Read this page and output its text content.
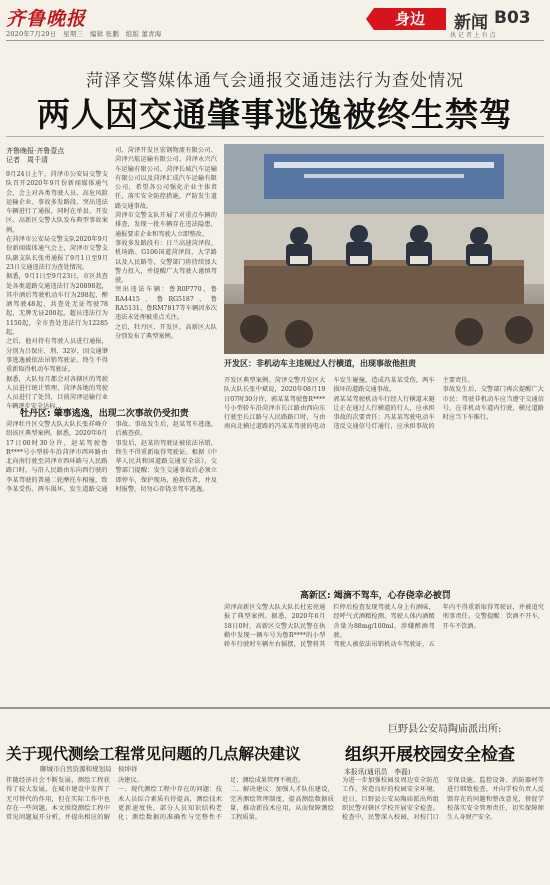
齐鲁晚报
2020年7月29日　星期三　编辑 张鹏　组版 董青海
身边	新闻 B03
执 记 者 上 有 点
菏泽交警媒体通气会通报交通违法行为查处情况
两人因交通肇事逃逸被终生禁驾
齐鲁晚报·齐鲁壹点
记者　周千清
9月24日上午，菏泽市公安局交警支队召开2020年9月份新闻媒体通气会，会上对各类驾驶人员、高危风险运输企业、事故多发路段、突出违法车辆进行了通报，同时在单县、开发区、高新区交警大队发布典型事故案例。
在菏泽市公安局交警支队2020年9月份新闻媒体通气会上，菏泽市交警支队副支队长张勇通报了9月1日至9月23日交通违法行为查处情况。
据悉，9月1日至9月23日，市区共查处各类道路交通违法行为20898起，其中酒后驾驶机动车行为298起，醉酒驾驶48起，共查处无证驾驶78起，无牌无证200起，超员违法行为1150起，全市查处违法行为12285起。
之后，他对持有驾驶人员进行通报，分别为吕保庄、荆、32岁，因交通肇事逃逸被依法吊销驾驶证、终生不得重新取得机动车驾驶证。
据悉，大队每月都会对各辖区的驾驶人员进行统计管理，菏泽各地的驾驶人员进行了处罚，目前菏泽运输行业车辆逐步安全达标…
司、菏泽开发区宏钢物流有限公司、菏泽兴航运输有限公司、菏泽永兴汽车运输有限公司、菏泽长城汽车运输有限公司以及菏泽汇成汽车运输有限公司，希望各公司强化企业主体责任，落实安全防控措施，严防发生道路交通事故。
菏泽市交警支队开展了对重点车辆的排查，发现一批车辆存在违法隐患，通报要求企业和驾驶人立即整改。
事故多发路段有：日兰高速菏泽段、机场路、G106国道菏泽段、大学路以及人民路等，交警部门将持续加大警力投入，并提醒广大驾驶人谨慎驾驶。
突出违法车辆：鲁R0P770、鲁RA4415、鲁RG5187、鲁RA5131、鲁RM7817等车辆因多次违法未处理被重点关注。
之后，牡丹区、开发区、高新区大队分别发布了典型案例。
开发区：非机动车主违规过人行横道，出现事故他担责
牡丹区: 肇事逃逸，出现二次事故仍受扣责
菏泽牡丹区交警大队大队长张祥峰介绍该区典型案例。据悉，2020年6月17日00时30分许，赵某驾驶鲁R****号小型轿车沿菏泽市西环路由北向南行驶至菏泽市西环路与人民路路口时，与沿人民路由东向西行驶的李某驾驶的普通二轮摩托车相撞，致李某受伤、两车损坏，发生道路交通事故。事故发生后，赵某驾车逃逸，后被查获。
事发后，赵某的驾驶证被依法吊销，终生不得重新取得驾驶证。根据《中华人民共和国道路交通安全法》，交警部门提醒：发生交通事故后必须立即停车，保护现场，抢救伤者，并及时报警，切勿心存侥幸驾车逃逸。
开发区典型案例。菏泽交警开发区大队大队长张中斌说，2020年08月19日07时30分许，郭某某驾驶鲁R****号小型轿车沿菏泽市长江路由西向东行驶至长江路与人民路路口时，与由南向北横过道路的冯某某驾驶的电动车发生碰撞，造成冯某某受伤，两车损坏的道路交通事故。
郭某某驾驶机动车行经人行横道未避让正在通过人行横道的行人，应承担事故的次要责任；冯某某驾驶电动车违反交通信号灯通行，应承担事故的主要责任。
事故发生后，交警部门再次提醒广大市民：驾驶非机动车应当遵守交通信号，在非机动车道内行驶，横过道路时应当下车推行。
高新区: 竭滴不驾车，心存侥幸必被罚
菏泽高新区交警大队大队长杜宏亮通报了典型案例。据悉，2020年6月18日0时，高新区交警大队民警在执勤中发现一辆车号为鲁R****的小型轿车行驶时车辆左右摇摆，民警将其拦停后检查发现驾驶人身上有酒味，经呼气式酒精检测，驾驶人体内酒精含量为88mg/100ml，涉嫌醉酒驾驶。
驾驶人被依法吊销机动车驾驶证，五年内不得重新取得驾驶证，并被追究刑事责任。交警提醒：饮酒不开车，开车不饮酒。
关于现代测绘工程常见问题的几点解决建议
聊城市自然资源和规划局　侯坤祥
伴随经济社会不断发展，测绘工程获得了较大发展，在城市建设中发挥了无可替代的作用，但在实际工作中也存在一些问题，本文围绕测绘工程中常见问题展开分析，并提出相应的解决建议。
一、现代测绘工程中存在的问题：技术人员综合素质有待提高，测绘技术更新速度快，部分人员知识结构老化；测绘数据的准确性与完整性不足；测绘成果管理不规范。
二、解决建议：加强人才队伍建设，完善测绘管理制度，提高测绘数据质量，推动新技术应用，从而保障测绘工程质量。
巨野县公安局陶庙派出所:
组织开展校园安全检查
本报讯(通讯员　李磊)
为进一步加强校园及周边安全防范工作，营造良好的校园安全环境，近日，巨野县公安局陶庙派出所组织民警对辖区学校开展安全检查。检查中，民警深入校园，对校门口安保设施、监控设备、消防器材等进行细致检查，并向学校负责人反馈存在的问题和整改意见，督促学校落实安全管理责任，切实保障师生人身财产安全。
